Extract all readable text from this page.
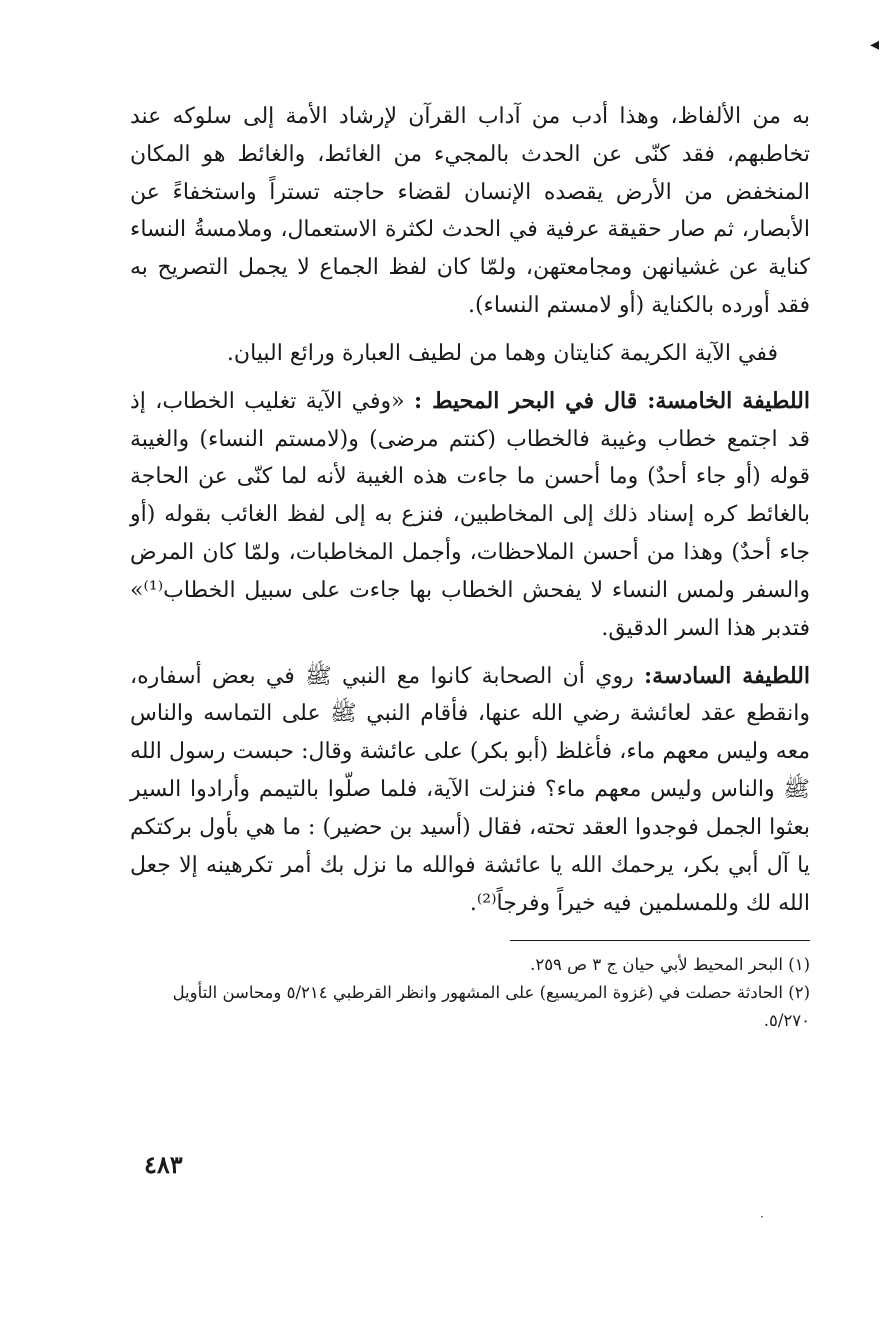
◂

به من الألفاظ، وهذا أدب من آداب القرآن لإرشاد الأمة إلى سلوكه عند تخاطبهم، فقد كنّى عن الحدث بالمجيء من الغائط، والغائط هو المكان المنخفض من الأرض يقصده الإنسان لقضاء حاجته تستراً واستخفاءً عن الأبصار، ثم صار حقيقة عرفية في الحدث لكثرة الاستعمال، وملامسةُ النساء كناية عن غشيانهن ومجامعتهن، ولمّا كان لفظ الجماع لا يجمل التصريح به فقد أورده بالكناية (أو لامستم النساء).

ففي الآية الكريمة كنايتان وهما من لطيف العبارة ورائع البيان.

اللطيفة الخامسة: قال في البحر المحيط : «وفي الآية تغليب الخطاب، إذ قد اجتمع خطاب وغيبة فالخطاب (كنتم مرضى) و(لامستم النساء) والغيبة قوله (أو جاء أحدٌ) وما أحسن ما جاءت هذه الغيبة لأنه لما كنّى عن الحاجة بالغائط كره إسناد ذلك إلى المخاطبين، فنزع به إلى لفظ الغائب بقوله (أو جاء أحدٌ) وهذا من أحسن الملاحظات، وأجمل المخاطبات، ولمّا كان المرض والسفر ولمس النساء لا يفحش الخطاب بها جاءت على سبيل الخطاب⁽¹⁾» فتدبر هذا السر الدقيق.

اللطيفة السادسة: روي أن الصحابة كانوا مع النبي ﷺ في بعض أسفاره، وانقطع عقد لعائشة رضي الله عنها، فأقام النبي ﷺ على التماسه والناس معه وليس معهم ماء، فأغلظ (أبو بكر) على عائشة وقال: حبست رسول الله ﷺ والناس وليس معهم ماء؟ فنزلت الآية، فلما صلّوا بالتيمم وأرادوا السير بعثوا الجمل فوجدوا العقد تحته، فقال (أسيد بن حضير) : ما هي بأول بركتكم يا آل أبي بكر، يرحمك الله يا عائشة فوالله ما نزل بك أمر تكرهينه إلا جعل الله لك وللمسلمين فيه خيراً وفرجاً⁽²⁾.

(١) البحر المحيط لأبي حيان ج ٣ ص ٢٥٩.

(٢) الحادثة حصلت في (غزوة المريسيع) على المشهور وانظر القرطبي ٥/٢١٤ ومحاسن التأويل ٥/٢٧٠.

٤٨٣
·
